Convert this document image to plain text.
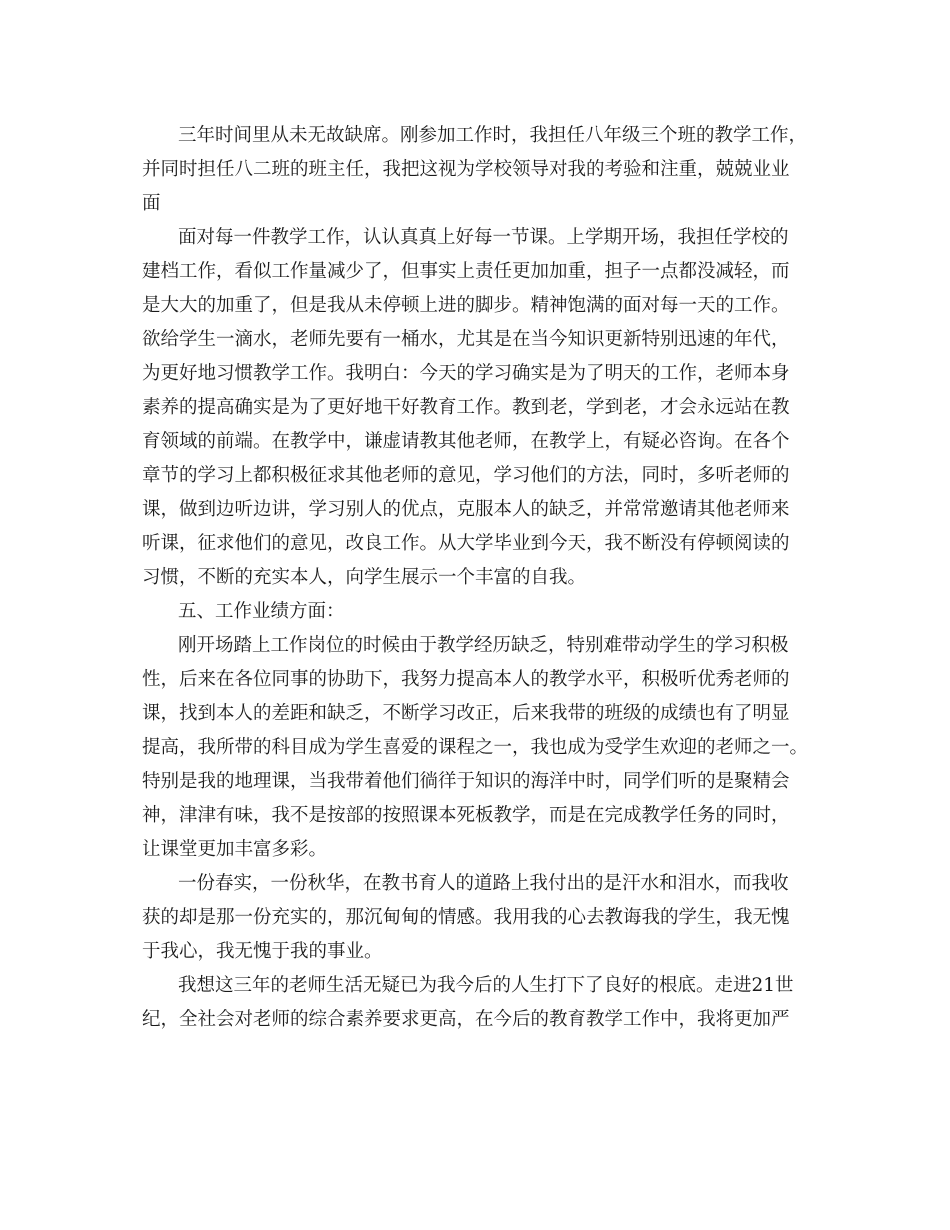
三年时间里从未无故缺席。刚参加工作时，我担任八年级三个班的教学工作，
并同时担任八二班的班主任，我把这视为学校领导对我的考验和注重，兢兢业业
面
面对每一件教学工作，认认真真上好每一节课。上学期开场，我担任学校的
建档工作，看似工作量减少了，但事实上责任更加加重，担子一点都没减轻，而
是大大的加重了，但是我从未停顿上进的脚步。精神饱满的面对每一天的工作。
欲给学生一滴水，老师先要有一桶水，尤其是在当今知识更新特别迅速的年代，
为更好地习惯教学工作。我明白：今天的学习确实是为了明天的工作，老师本身
素养的提高确实是为了更好地干好教育工作。教到老，学到老，才会永远站在教
育领域的前端。在教学中，谦虚请教其他老师，在教学上，有疑必咨询。在各个
章节的学习上都积极征求其他老师的意见，学习他们的方法，同时，多听老师的
课，做到边听边讲，学习别人的优点，克服本人的缺乏，并常常邀请其他老师来
听课，征求他们的意见，改良工作。从大学毕业到今天，我不断没有停顿阅读的
习惯，不断的充实本人，向学生展示一个丰富的自我。
五、工作业绩方面：
刚开场踏上工作岗位的时候由于教学经历缺乏，特别难带动学生的学习积极
性，后来在各位同事的协助下，我努力提高本人的教学水平，积极听优秀老师的
课，找到本人的差距和缺乏，不断学习改正，后来我带的班级的成绩也有了明显
提高，我所带的科目成为学生喜爱的课程之一，我也成为受学生欢迎的老师之一。
特别是我的地理课，当我带着他们徜徉于知识的海洋中时，同学们听的是聚精会
神，津津有味，我不是按部的按照课本死板教学，而是在完成教学任务的同时，
让课堂更加丰富多彩。
一份春实，一份秋华，在教书育人的道路上我付出的是汗水和泪水，而我收
获的却是那一份充实的，那沉甸甸的情感。我用我的心去教诲我的学生，我无愧
于我心，我无愧于我的事业。
我想这三年的老师生活无疑已为我今后的人生打下了良好的根底。走进21世
纪，全社会对老师的综合素养要求更高，在今后的教育教学工作中，我将更加严
